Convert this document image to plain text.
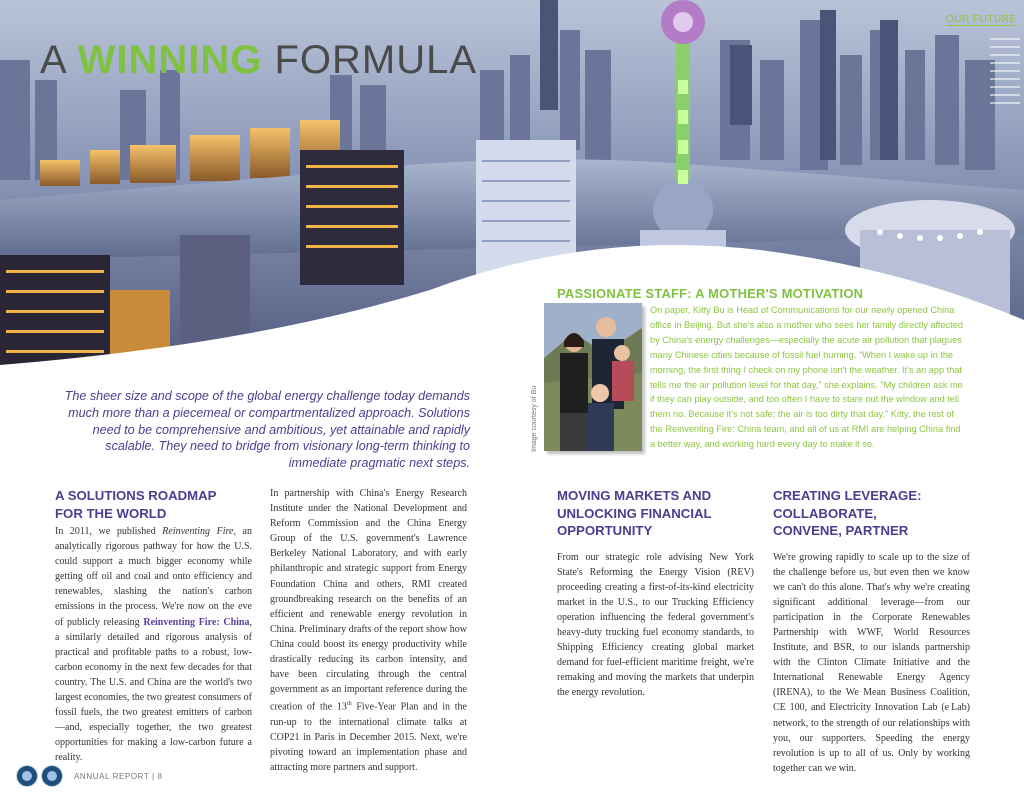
A WINNING FORMULA
OUR FUTURE

The sheer size and scope of the global energy challenge today demands much more than a piecemeal or compartmentalized approach. Solutions need to be comprehensive and ambitious, yet attainable and rapidly scalable. They need to bridge from visionary long-term thinking to immediate pragmatic next steps.

PASSIONATE STAFF: A MOTHER'S MOTIVATION
Image courtesy of Bu

On paper, Kitty Bu is Head of Communications for our newly opened China office in Beijing. But she's also a mother who sees her family directly affected by China's energy challenges—especially the acute air pollution that plagues many Chinese cities because of fossil fuel burning. "When I wake up in the morning, the first thing I check on my phone isn't the weather. It's an app that tells me the air pollution level for that day," she explains. "My children ask me if they can play outside, and too often I have to stare out the window and tell them no. Because it's not safe; the air is too dirty that day." Kitty, the rest of the Reinventing Fire: China team, and all of us at RMI are helping China find a better way, and working hard every day to make it so.

A SOLUTIONS ROADMAP
FOR THE WORLD

In 2011, we published Reinventing Fire, an analytically rigorous pathway for how the U.S. could support a much bigger economy while getting off oil and coal and onto efficiency and renewables, slashing the nation's carbon emissions in the process. We're now on the eve of publicly releasing Reinventing Fire: China, a similarly detailed and rigorous analysis of practical and profitable paths to a robust, low-carbon economy in the next few decades for that country. The U.S. and China are the world's two largest economies, the two greatest consumers of fossil fuels, the two greatest emitters of carbon—and, especially together, the two greatest opportunities for making a low-carbon future a reality.

In partnership with China's Energy Research Institute under the National Development and Reform Commission and the China Energy Group of the U.S. government's Lawrence Berkeley National Laboratory, and with early philanthropic and strategic support from Energy Foundation China and others, RMI created groundbreaking research on the benefits of an efficient and renewable energy revolution in China. Preliminary drafts of the report show how China could boost its energy productivity while drastically reducing its carbon intensity, and have been circulating through the central government as an important reference during the creation of the 13th Five-Year Plan and in the run-up to the international climate talks at COP21 in Paris in December 2015. Next, we're pivoting toward an implementation phase and attracting more partners and support.

MOVING MARKETS AND
UNLOCKING FINANCIAL
OPPORTUNITY

From our strategic role advising New York State's Reforming the Energy Vision (REV) proceeding creating a first-of-its-kind electricity market in the U.S., to our Trucking Efficiency operation influencing the federal government's heavy-duty trucking fuel economy standards, to Shipping Efficiency creating global market demand for fuel-efficient maritime freight, we're remaking and moving the markets that underpin the energy revolution.

CREATING LEVERAGE:
COLLABORATE,
CONVENE, PARTNER

We're growing rapidly to scale up to the size of the challenge before us, but even then we know we can't do this alone. That's why we're creating significant additional leverage—from our participation in the Corporate Renewables Partnership with WWF, World Resources Institute, and BSR, to our islands partnership with the Clinton Climate Initiative and the International Renewable Energy Agency (IRENA), to the We Mean Business Coalition, CE 100, and Electricity Innovation Lab (e Lab) network, to the strength of our relationships with you, our supporters. Speeding the energy revolution is up to all of us. Only by working together can we win.

ANNUAL REPORT | 8
